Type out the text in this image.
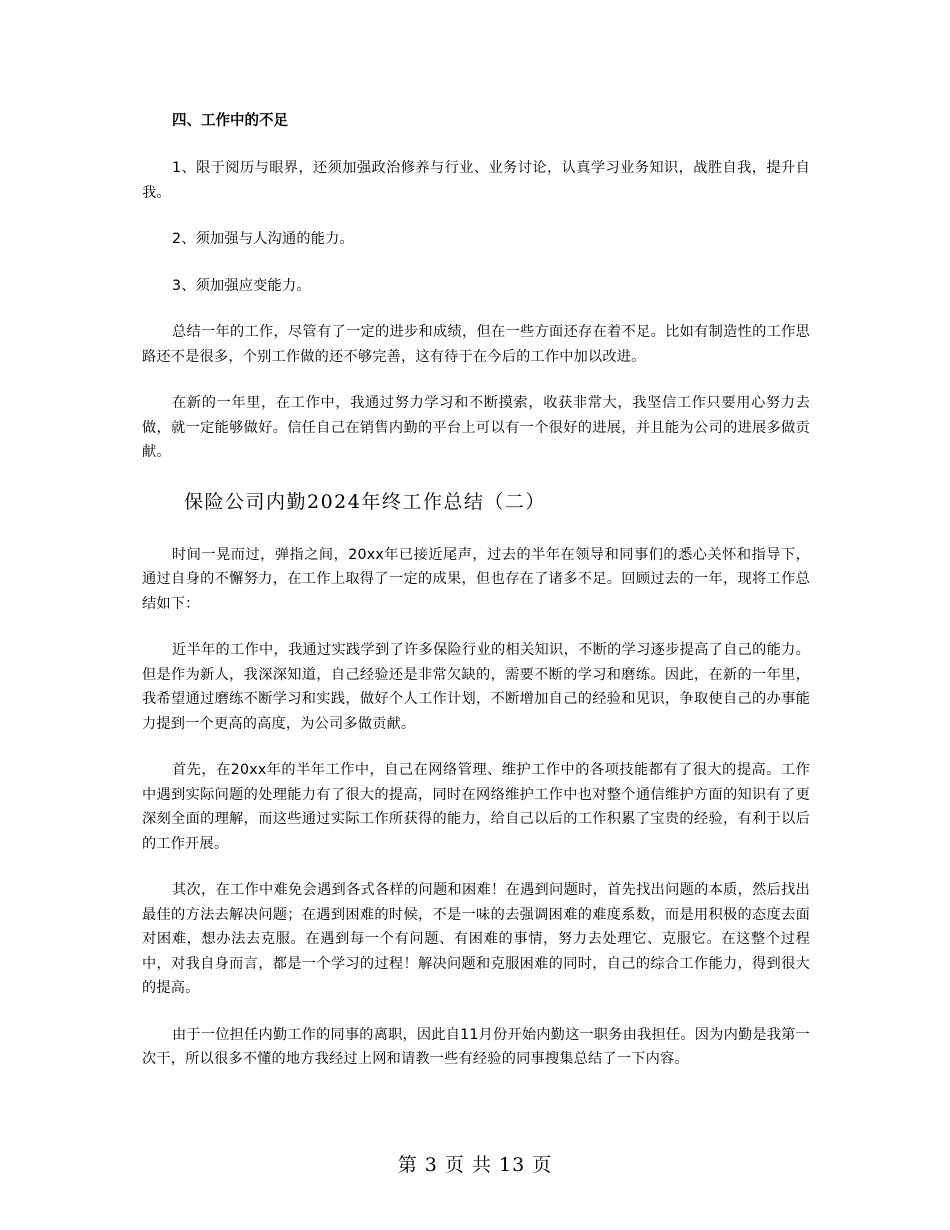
四、工作中的不足

1、限于阅历与眼界，还须加强政治修养与行业、业务讨论，认真学习业务知识，战胜自我，提升自我。

2、须加强与人沟通的能力。

3、须加强应变能力。

总结一年的工作，尽管有了一定的进步和成绩，但在一些方面还存在着不足。比如有制造性的工作思路还不是很多，个别工作做的还不够完善，这有待于在今后的工作中加以改进。

在新的一年里，在工作中，我通过努力学习和不断摸索，收获非常大，我坚信工作只要用心努力去做，就一定能够做好。信任自己在销售内勤的平台上可以有一个很好的进展，并且能为公司的进展多做贡献。

保险公司内勤2024年终工作总结（二）

时间一晃而过，弹指之间，20xx年已接近尾声，过去的半年在领导和同事们的悉心关怀和指导下，通过自身的不懈努力，在工作上取得了一定的成果，但也存在了诸多不足。回顾过去的一年，现将工作总结如下：

近半年的工作中，我通过实践学到了许多保险行业的相关知识，不断的学习逐步提高了自己的能力。但是作为新人，我深深知道，自己经验还是非常欠缺的，需要不断的学习和磨练。因此，在新的一年里，我希望通过磨练不断学习和实践，做好个人工作计划，不断增加自己的经验和见识，争取使自己的办事能力提到一个更高的高度，为公司多做贡献。

首先，在20xx年的半年工作中，自己在网络管理、维护工作中的各项技能都有了很大的提高。工作中遇到实际问题的处理能力有了很大的提高，同时在网络维护工作中也对整个通信维护方面的知识有了更深刻全面的理解，而这些通过实际工作所获得的能力，给自己以后的工作积累了宝贵的经验，有利于以后的工作开展。

其次，在工作中难免会遇到各式各样的问题和困难！在遇到问题时，首先找出问题的本质，然后找出最佳的方法去解决问题；在遇到困难的时候，不是一味的去强调困难的难度系数，而是用积极的态度去面对困难，想办法去克服。在遇到每一个有问题、有困难的事情，努力去处理它、克服它。在这整个过程中，对我自身而言，都是一个学习的过程！解决问题和克服困难的同时，自己的综合工作能力，得到很大的提高。

由于一位担任内勤工作的同事的离职，因此自11月份开始内勤这一职务由我担任。因为内勤是我第一次干，所以很多不懂的地方我经过上网和请教一些有经验的同事搜集总结了一下内容。

第 3 页 共 13 页
